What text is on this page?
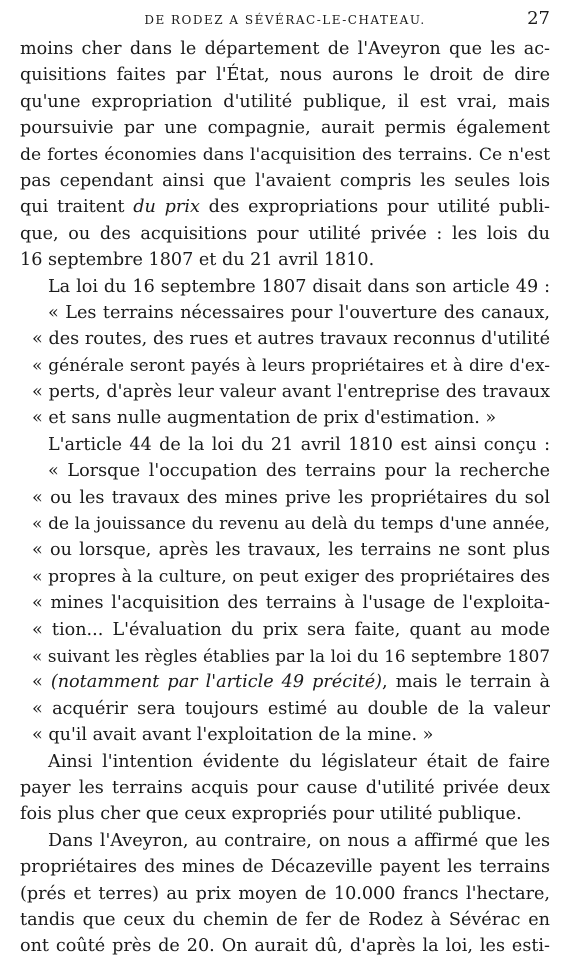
DE RODEZ A SÉVÉRAC-LE-CHATEAU.	27
moins cher dans le département de l'Aveyron que les ac-
quisitions faites par l'État, nous aurons le droit de dire
qu'une expropriation d'utilité publique, il est vrai, mais
poursuivie par une compagnie, aurait permis également
de fortes économies dans l'acquisition des terrains. Ce n'est
pas cependant ainsi que l'avaient compris les seules lois
qui traitent du prix des expropriations pour utilité publi-
que, ou des acquisitions pour utilité privée : les lois du
16 septembre 1807 et du 21 avril 1810.
La loi du 16 septembre 1807 disait dans son article 49 :
« Les terrains nécessaires pour l'ouverture des canaux,
« des routes, des rues et autres travaux reconnus d'utilité
« générale seront payés à leurs propriétaires et à dire d'ex-
« perts, d'après leur valeur avant l'entreprise des travaux
« et sans nulle augmentation de prix d'estimation. »
L'article 44 de la loi du 21 avril 1810 est ainsi conçu :
« Lorsque l'occupation des terrains pour la recherche
« ou les travaux des mines prive les propriétaires du sol
« de la jouissance du revenu au delà du temps d'une année,
« ou lorsque, après les travaux, les terrains ne sont plus
« propres à la culture, on peut exiger des propriétaires des
« mines l'acquisition des terrains à l'usage de l'exploita-
« tion... L'évaluation du prix sera faite, quant au mode
« suivant les règles établies par la loi du 16 septembre 1807
« (notamment par l'article 49 précité), mais le terrain à
« acquérir sera toujours estimé au double de la valeur
« qu'il avait avant l'exploitation de la mine. »
Ainsi l'intention évidente du législateur était de faire
payer les terrains acquis pour cause d'utilité privée deux
fois plus cher que ceux expropriés pour utilité publique.
Dans l'Aveyron, au contraire, on nous a affirmé que les
propriétaires des mines de Décazeville payent les terrains
(prés et terres) au prix moyen de 10.000 francs l'hectare,
tandis que ceux du chemin de fer de Rodez à Sévérac en
ont coûté près de 20. On aurait dû, d'après la loi, les esti-
